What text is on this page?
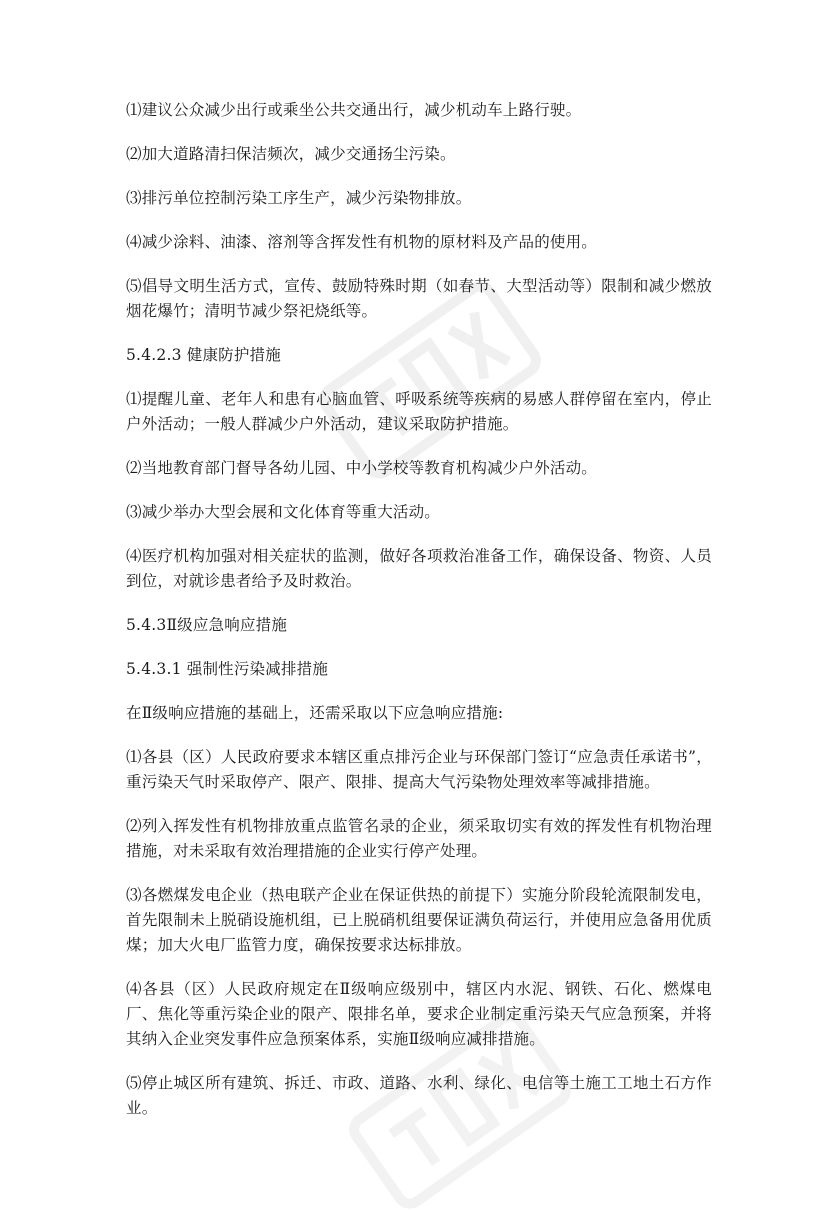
⑴建议公众减少出行或乘坐公共交通出行，减少机动车上路行驶。

⑵加大道路清扫保洁频次，减少交通扬尘污染。

⑶排污单位控制污染工序生产，减少污染物排放。

⑷减少涂料、油漆、溶剂等含挥发性有机物的原材料及产品的使用。

⑸倡导文明生活方式，宣传、鼓励特殊时期（如春节、大型活动等）限制和减少燃放烟花爆竹；清明节减少祭祀烧纸等。

5.4.2.3 健康防护措施

⑴提醒儿童、老年人和患有心脑血管、呼吸系统等疾病的易感人群停留在室内，停止户外活动；一般人群减少户外活动，建议采取防护措施。

⑵当地教育部门督导各幼儿园、中小学校等教育机构减少户外活动。

⑶减少举办大型会展和文化体育等重大活动。

⑷医疗机构加强对相关症状的监测，做好各项救治准备工作，确保设备、物资、人员到位，对就诊患者给予及时救治。

5.4.3Ⅱ级应急响应措施

5.4.3.1 强制性污染减排措施

在Ⅱ级响应措施的基础上，还需采取以下应急响应措施:

⑴各县（区）人民政府要求本辖区重点排污企业与环保部门签订“应急责任承诺书”，重污染天气时采取停产、限产、限排、提高大气污染物处理效率等减排措施。

⑵列入挥发性有机物排放重点监管名录的企业，须采取切实有效的挥发性有机物治理措施，对未采取有效治理措施的企业实行停产处理。

⑶各燃煤发电企业（热电联产企业在保证供热的前提下）实施分阶段轮流限制发电，首先限制未上脱硝设施机组，已上脱硝机组要保证满负荷运行，并使用应急备用优质煤；加大火电厂监管力度，确保按要求达标排放。

⑷各县（区）人民政府规定在Ⅱ级响应级别中，辖区内水泥、钢铁、石化、燃煤电厂、焦化等重污染企业的限产、限排名单，要求企业制定重污染天气应急预案，并将其纳入企业突发事件应急预案体系，实施Ⅱ级响应减排措施。

⑸停止城区所有建筑、拆迁、市政、道路、水利、绿化、电信等土施工工地土石方作业。
